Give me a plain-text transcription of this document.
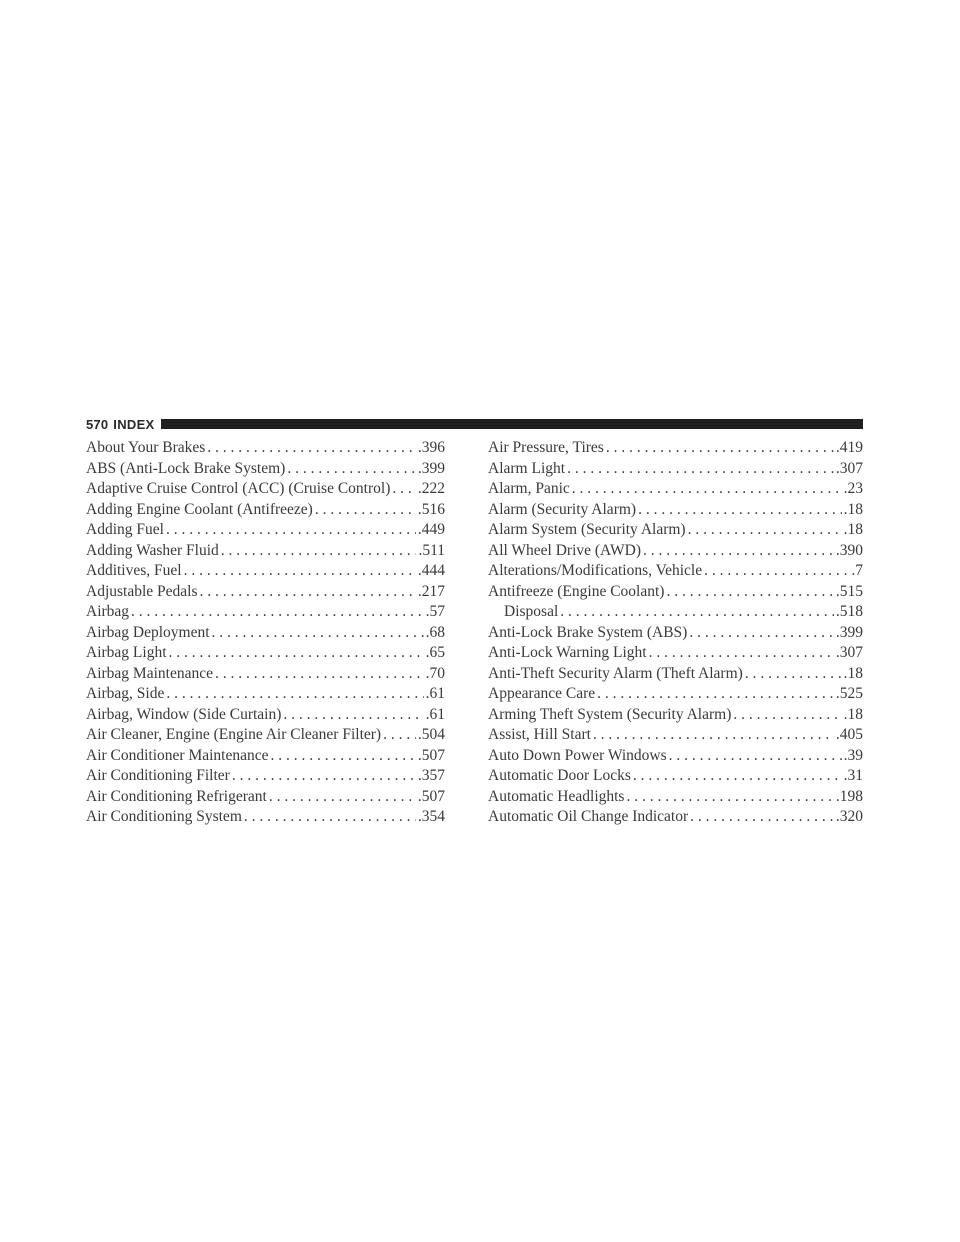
570 INDEX
About Your Brakes . . .	.396
ABS (Anti-Lock Brake System) . . .	.399
Adaptive Cruise Control (ACC) (Cruise Control) . . . .222
Adding Engine Coolant (Antifreeze) . . .	.516
Adding Fuel . . .	.449
Adding Washer Fluid . . .	.511
Additives, Fuel . . .	.444
Adjustable Pedals . . .	.217
Airbag . . .	.57
Airbag Deployment . . .	.68
Airbag Light . . .	.65
Airbag Maintenance . . .	.70
Airbag, Side . . .	.61
Airbag, Window (Side Curtain) . . .	.61
Air Cleaner, Engine (Engine Air Cleaner Filter) . . . .504
Air Conditioner Maintenance . . .	.507
Air Conditioning Filter . . .	.357
Air Conditioning Refrigerant . . .	.507
Air Conditioning System . . .	.354
Air Pressure, Tires . . .	.419
Alarm Light . . .	.307
Alarm, Panic . . .	.23
Alarm (Security Alarm) . . .	.18
Alarm System (Security Alarm) . . .	.18
All Wheel Drive (AWD) . . .	.390
Alterations/Modifications, Vehicle . . .	.7
Antifreeze (Engine Coolant) . . .	.515
Disposal . . .	.518
Anti-Lock Brake System (ABS) . . .	.399
Anti-Lock Warning Light . . .	.307
Anti-Theft Security Alarm (Theft Alarm) . . .	.18
Appearance Care . . .	.525
Arming Theft System (Security Alarm) . . .	.18
Assist, Hill Start . . .	.405
Auto Down Power Windows . . .	.39
Automatic Door Locks . . .	.31
Automatic Headlights . . .	.198
Automatic Oil Change Indicator . . .	.320
